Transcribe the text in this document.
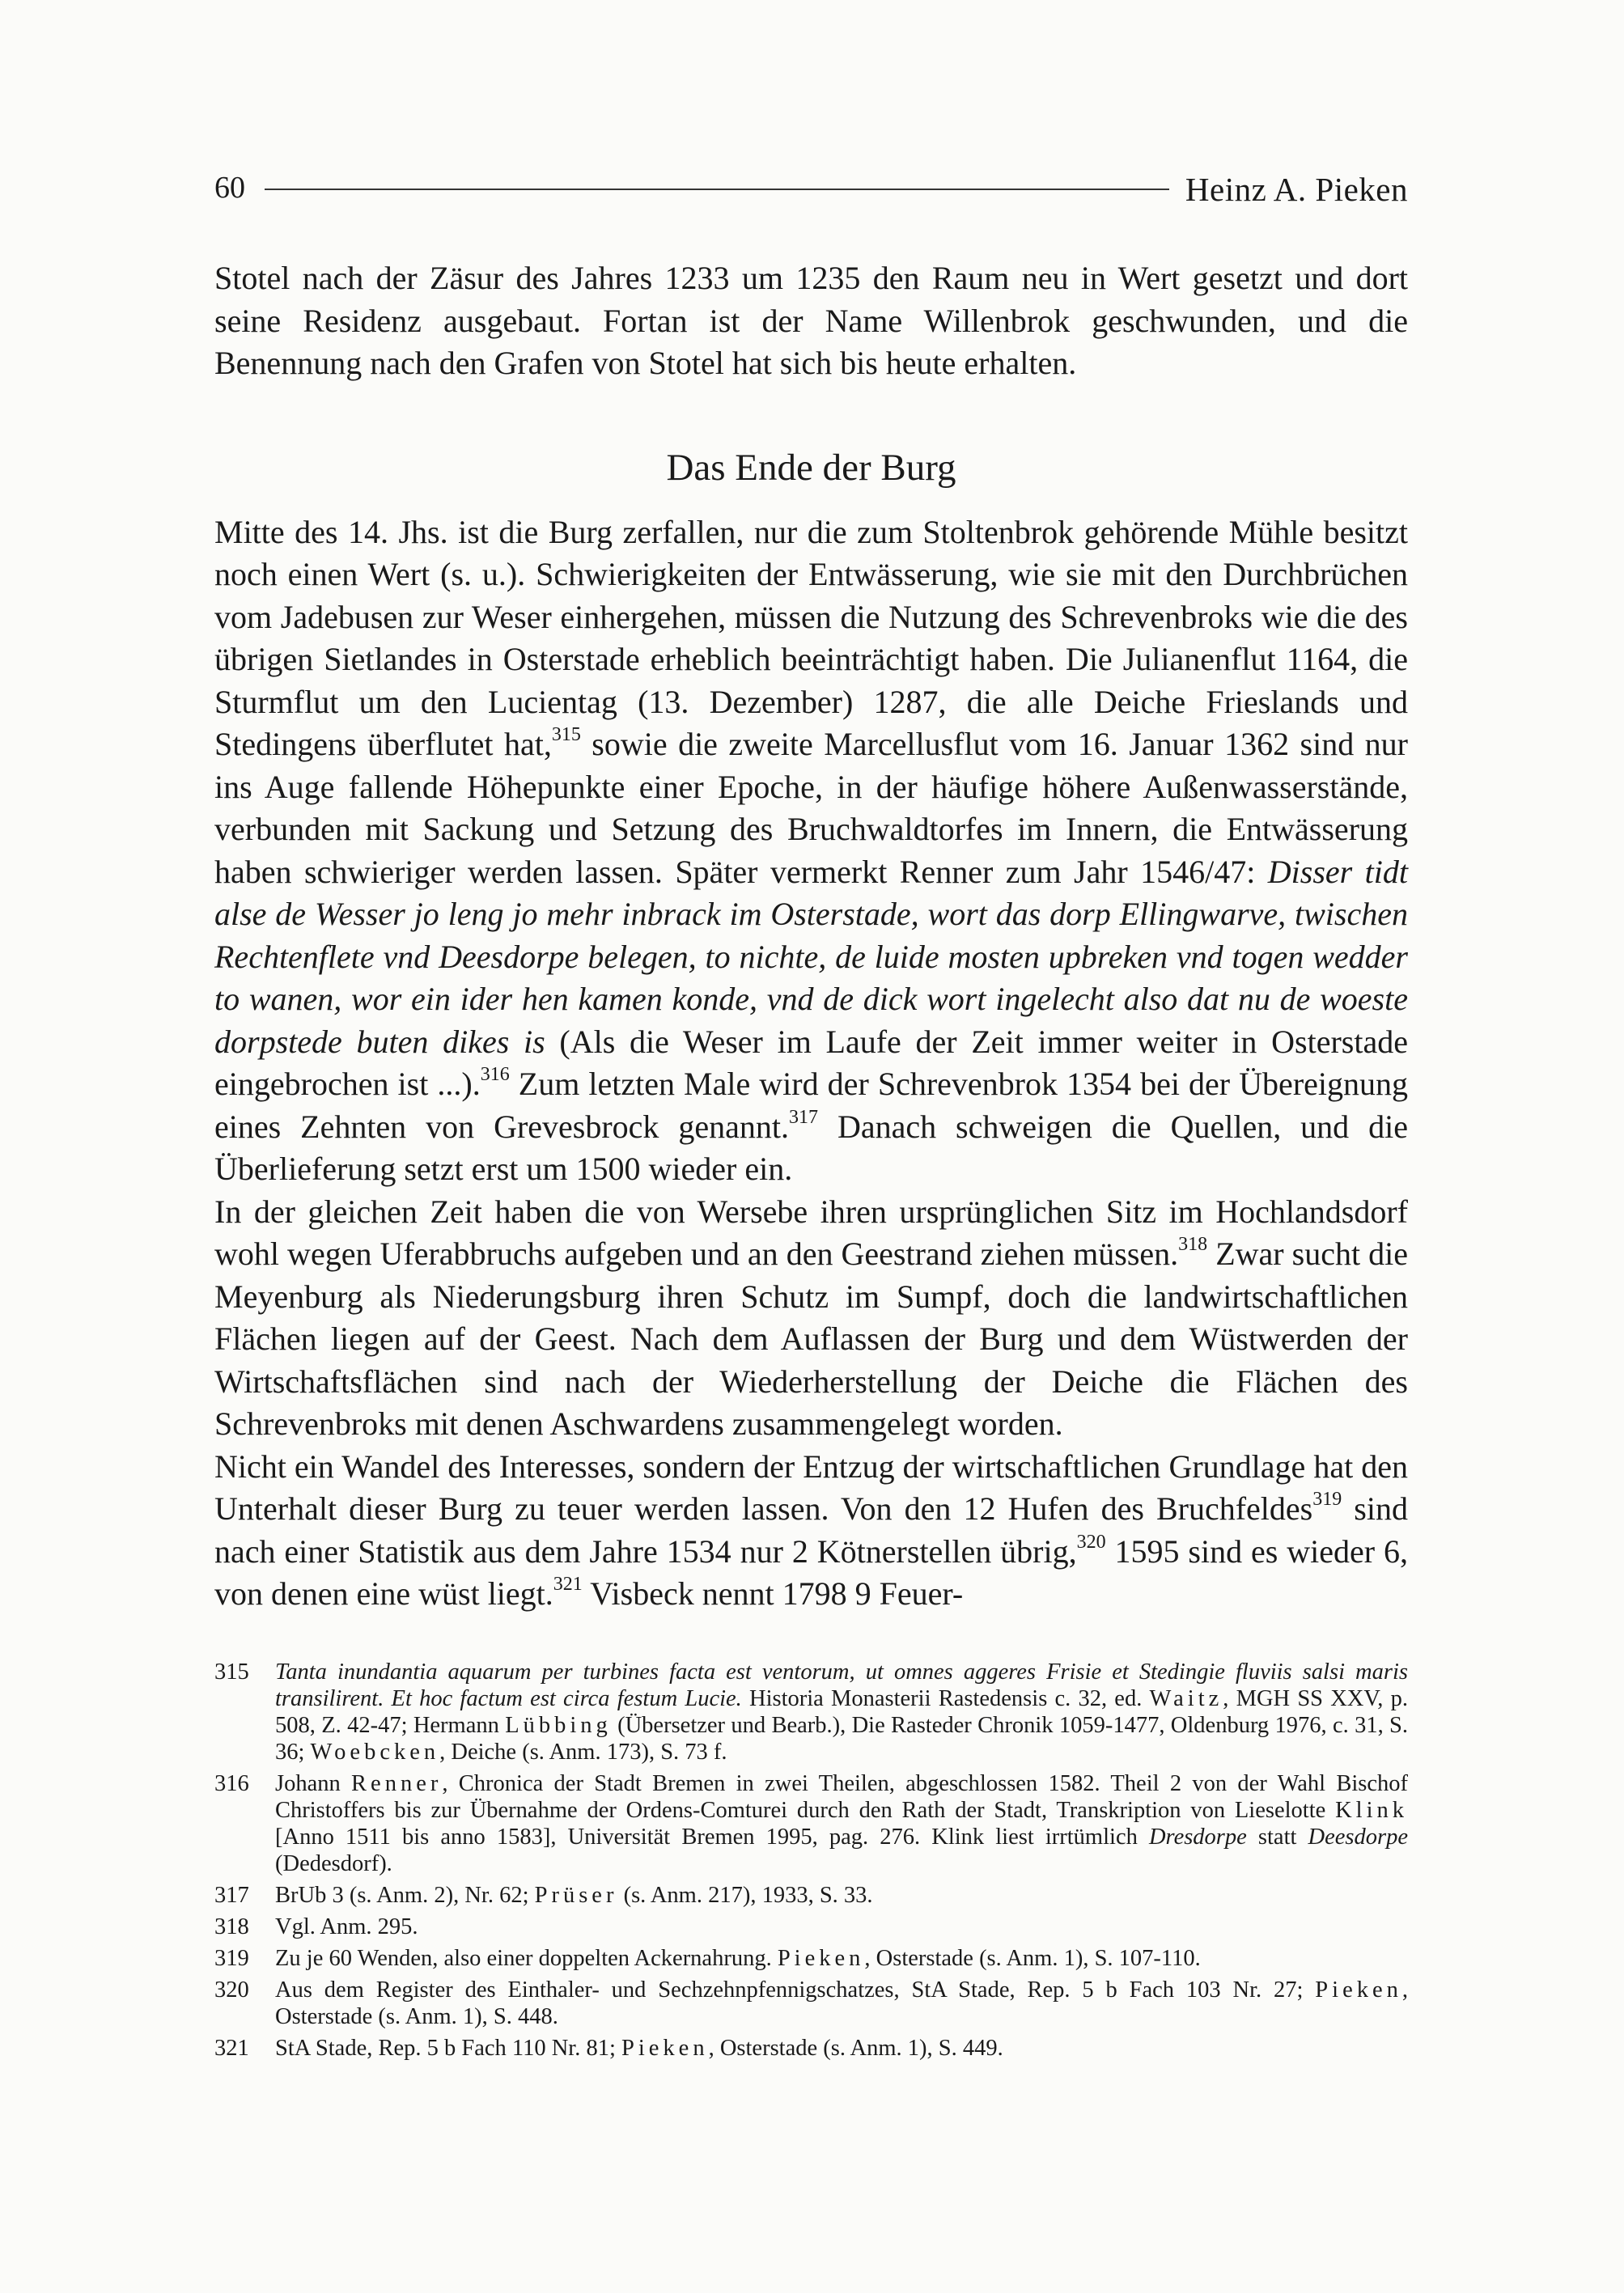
60	Heinz A. Pieken

Stotel nach der Zäsur des Jahres 1233 um 1235 den Raum neu in Wert gesetzt und dort seine Residenz ausgebaut. Fortan ist der Name Willenbrok geschwunden, und die Benennung nach den Grafen von Stotel hat sich bis heute erhalten.

Das Ende der Burg

Mitte des 14. Jhs. ist die Burg zerfallen, nur die zum Stoltenbrok gehörende Mühle besitzt noch einen Wert (s. u.). Schwierigkeiten der Entwässerung, wie sie mit den Durchbrüchen vom Jadebusen zur Weser einhergehen, müssen die Nutzung des Schrevenbroks wie die des übrigen Sietlandes in Osterstade erheblich beeinträchtigt haben. Die Julianenflut 1164, die Sturmflut um den Lucientag (13. Dezember) 1287, die alle Deiche Frieslands und Stedingens überflutet hat,$^{315}$ sowie die zweite Marcellusflut vom 16. Januar 1362 sind nur ins Auge fallende Höhepunkte einer Epoche, in der häufige höhere Außenwasserstände, verbunden mit Sackung und Setzung des Bruchwaldtorfes im Innern, die Entwässerung haben schwieriger werden lassen. Später vermerkt Renner zum Jahr 1546/47: Disser tidt alse de Wesser jo leng jo mehr inbrack im Osterstade, wort das dorp Ellingwarve, twischen Rechtenflete vnd Deesdorpe belegen, to nichte, de luide mosten upbreken vnd togen wedder to wanen, wor ein ider hen kamen konde, vnd de dick wort ingelecht also dat nu de woeste dorpstede buten dikes is (Als die Weser im Laufe der Zeit immer weiter in Osterstade eingebrochen ist ...).$^{316}$ Zum letzten Male wird der Schrevenbrok 1354 bei der Übereignung eines Zehnten von Grevesbrock genannt.$^{317}$ Danach schweigen die Quellen, und die Überlieferung setzt erst um 1500 wieder ein.

In der gleichen Zeit haben die von Wersebe ihren ursprünglichen Sitz im Hochlandsdorf wohl wegen Uferabbruchs aufgeben und an den Geestrand ziehen müssen.$^{318}$ Zwar sucht die Meyenburg als Niederungsburg ihren Schutz im Sumpf, doch die landwirtschaftlichen Flächen liegen auf der Geest. Nach dem Auflassen der Burg und dem Wüstwerden der Wirtschaftsflächen sind nach der Wiederherstellung der Deiche die Flächen des Schrevenbroks mit denen Aschwardens zusammengelegt worden.

Nicht ein Wandel des Interesses, sondern der Entzug der wirtschaftlichen Grundlage hat den Unterhalt dieser Burg zu teuer werden lassen. Von den 12 Hufen des Bruchfeldes$^{319}$ sind nach einer Statistik aus dem Jahre 1534 nur 2 Kötnerstellen übrig,$^{320}$ 1595 sind es wieder 6, von denen eine wüst liegt.$^{321}$ Visbeck nennt 1798 9 Feuer-

315 Tanta inundantia aquarum per turbines facta est ventorum, ut omnes aggeres Frisie et Stedingie fluviis salsi maris transilirent. Et hoc factum est circa festum Lucie. Historia Monasterii Rastedensis c. 32, ed. Waitz, MGH SS XXV, p. 508, Z. 42-47; Hermann Lübbing (Übersetzer und Bearb.), Die Rasteder Chronik 1059-1477, Oldenburg 1976, c. 31, S. 36; Woebcken, Deiche (s. Anm. 173), S. 73 f.
316 Johann Renner, Chronica der Stadt Bremen in zwei Theilen, abgeschlossen 1582. Theil 2 von der Wahl Bischof Christoffers bis zur Übernahme der Ordens-Comturei durch den Rath der Stadt, Transkription von Lieselotte Klink [Anno 1511 bis anno 1583], Universität Bremen 1995, pag. 276. Klink liest irrtümlich Dresdorpe statt Deesdorpe (Dedesdorf).
317 BrUb 3 (s. Anm. 2), Nr. 62; Prüser (s. Anm. 217), 1933, S. 33.
318 Vgl. Anm. 295.
319 Zu je 60 Wenden, also einer doppelten Ackernahrung. Pieken, Osterstade (s. Anm. 1), S. 107-110.
320 Aus dem Register des Einthaler- und Sechzehnpfennigschatzes, StA Stade, Rep. 5 b Fach 103 Nr. 27; Pieken, Osterstade (s. Anm. 1), S. 448.
321 StA Stade, Rep. 5 b Fach 110 Nr. 81; Pieken, Osterstade (s. Anm. 1), S. 449.
